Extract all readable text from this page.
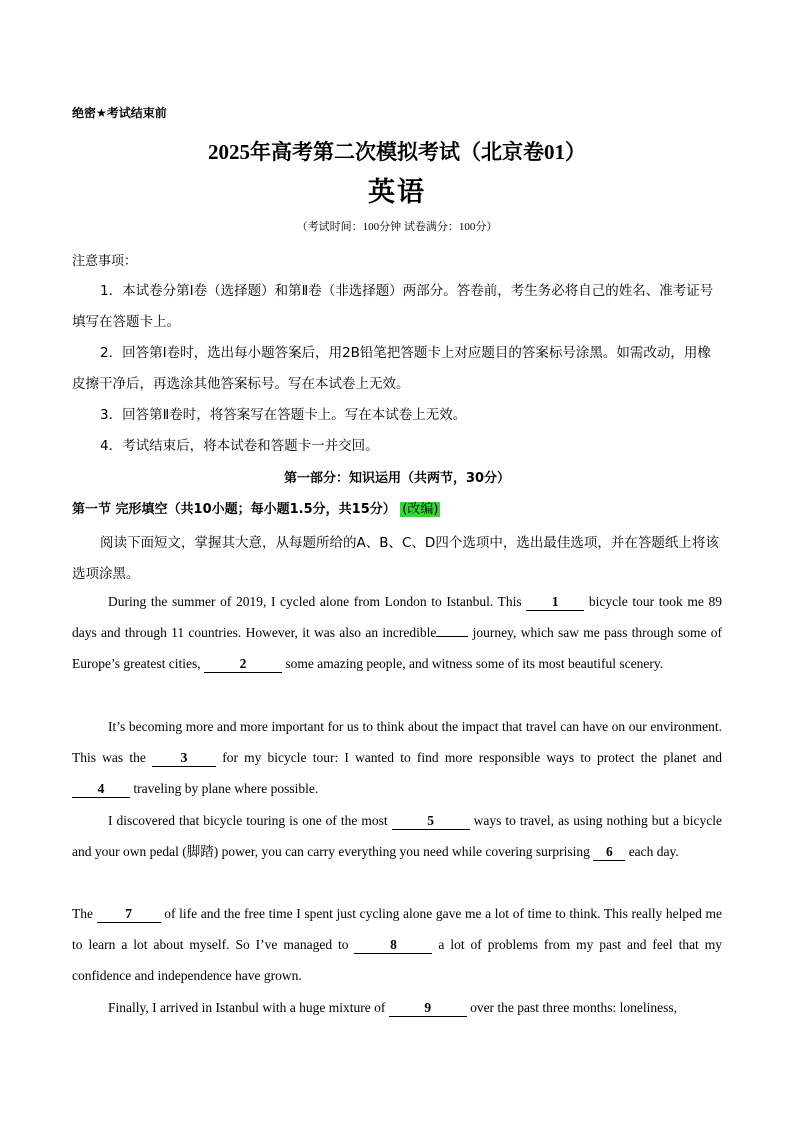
绝密★考试结束前
2025年高考第二次模拟考试（北京卷01）
英语
（考试时间：100分钟 试卷满分：100分）
注意事项：
1．本试卷分第Ⅰ卷（选择题）和第Ⅱ卷（非选择题）两部分。答卷前，考生务必将自己的姓名、准考证号填写在答题卡上。
2．回答第Ⅰ卷时，选出每小题答案后，用2B铅笔把答题卡上对应题目的答案标号涂黑。如需改动，用橡皮擦干净后，再选涂其他答案标号。写在本试卷上无效。
3．回答第Ⅱ卷时，将答案写在答题卡上。写在本试卷上无效。
4．考试结束后，将本试卷和答题卡一并交回。
第一部分：知识运用（共两节，30分）
第一节 完形填空（共10小题；每小题1.5分，共15分） (改编)
阅读下面短文，掌握其大意，从每题所给的A、B、C、D四个选项中，选出最佳选项，并在答题纸上将该选项涂黑。
During the summer of 2019, I cycled alone from London to Istanbul. This 1 bicycle tour took me 89 days and through 11 countries. However, it was also an incredible journey, which saw me pass through some of Europe’s greatest cities,	2	some amazing people, and witness some of its most beautiful scenery.
It’s becoming more and more important for us to think about the impact that travel can have on our environment. This was the 3 for my bicycle tour: I wanted to find more responsible ways to protect the planet and 4 traveling by plane where possible.
I discovered that bicycle touring is one of the most	5	ways to travel, as using nothing but a bicycle and your own pedal (脚踏) power, you can carry everything you need while covering surprising 6 each day.
The 7 of life and the free time I spent just cycling alone gave me a lot of time to think. This really helped me to learn a lot about myself. So I’ve managed to	8	a lot of problems from my past and feel that my confidence and independence have grown.
Finally, I arrived in Istanbul with a huge mixture of	9	over the past three months: loneliness,
